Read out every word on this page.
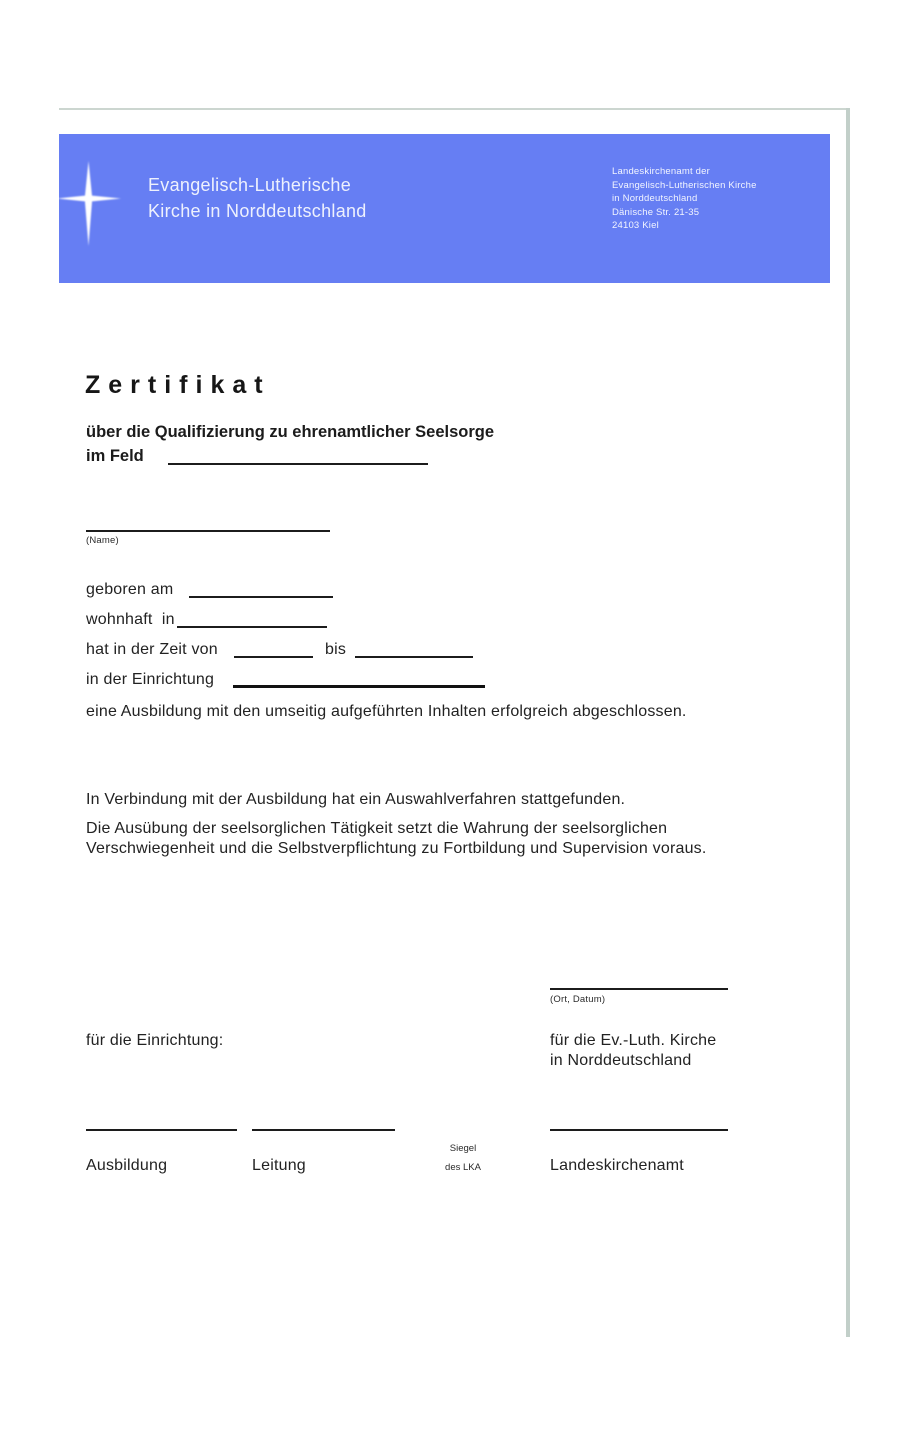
Evangelisch-Lutherische
Kirche in Norddeutschland
Landeskirchenamt der
Evangelisch-Lutherischen Kirche
in Norddeutschland
Dänische Str. 21-35
24103 Kiel
Zertifikat
über die Qualifizierung zu ehrenamtlicher Seelsorge
im Feld
(Name)
geboren am
wohnhaft  in
hat in der Zeit von	bis
in der Einrichtung
eine Ausbildung mit den umseitig aufgeführten Inhalten erfolgreich abgeschlossen.
In Verbindung mit der Ausbildung hat ein Auswahlverfahren stattgefunden.
Die Ausübung der seelsorglichen Tätigkeit setzt die Wahrung der seelsorglichen Verschwiegenheit und die Selbstverpflichtung zu Fortbildung und Supervision voraus.
(Ort, Datum)
für die Einrichtung:	für die Ev.-Luth. Kirche
in Norddeutschland
Ausbildung	Leitung
Siegel
des LKA	Landeskirchenamt
